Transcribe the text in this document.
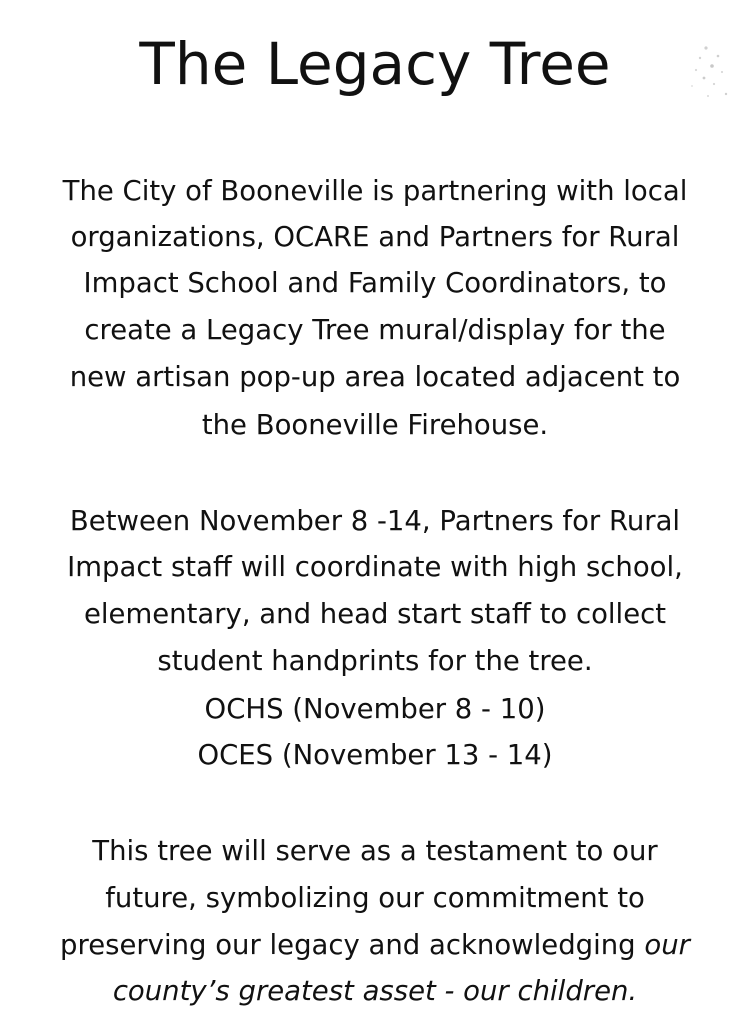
The Legacy Tree
The City of Booneville is partnering with local
organizations, OCARE and Partners for Rural
Impact School and Family Coordinators, to
create a Legacy Tree mural/display for the
new artisan pop-up area located adjacent to
the Booneville Firehouse.
Between November 8 -14, Partners for Rural
Impact staff will coordinate with high school,
elementary, and head start staff to collect
student handprints for the tree.
OCHS (November 8 - 10)
OCES (November 13 - 14)
This tree will serve as a testament to our
future, symbolizing our commitment to
preserving our legacy and acknowledging our
county’s greatest asset - our children.
